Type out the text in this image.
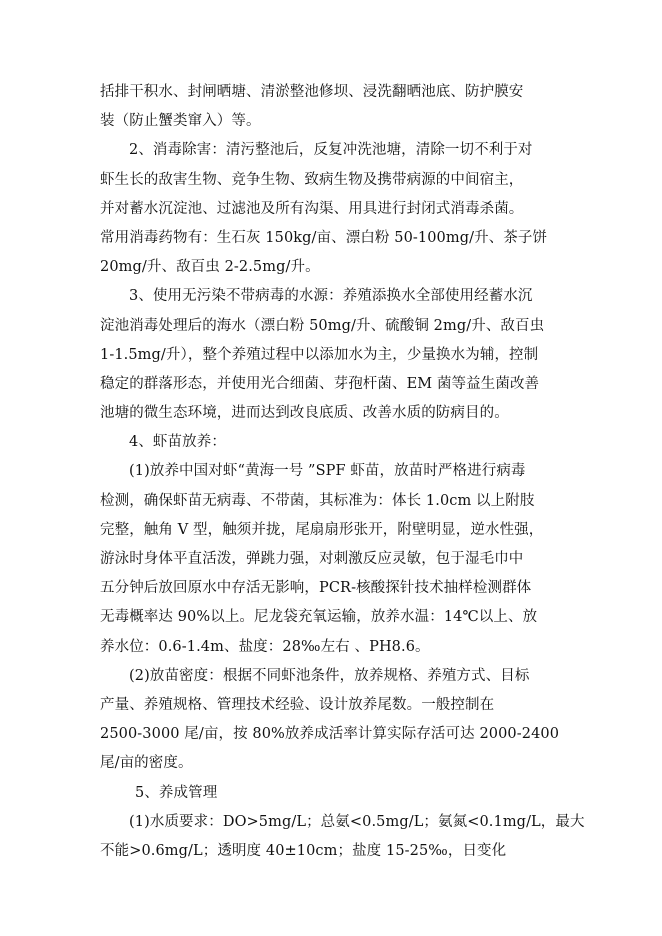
括排干积水、封闸晒塘、清淤整池修坝、浸洗翻晒池底、防护膜安
装（防止蟹类窜入）等。
2、消毒除害：清污整池后，反复冲洗池塘，清除一切不利于对
虾生长的敌害生物、竞争生物、致病生物及携带病源的中间宿主，
并对蓄水沉淀池、过滤池及所有沟渠、用具进行封闭式消毒杀菌。
常用消毒药物有：生石灰 150kg/亩、漂白粉 50-100mg/升、茶子饼
20mg/升、敌百虫 2-2.5mg/升。
3、使用无污染不带病毒的水源：养殖添换水全部使用经蓄水沉
淀池消毒处理后的海水（漂白粉 50mg/升、硫酸铜 2mg/升、敌百虫
1-1.5mg/升），整个养殖过程中以添加水为主，少量换水为辅，控制
稳定的群落形态，并使用光合细菌、芽孢杆菌、EM 菌等益生菌改善
池塘的微生态环境，进而达到改良底质、改善水质的防病目的。
4、虾苗放养：
(1)放养中国对虾“黄海一号 ”SPF 虾苗，放苗时严格进行病毒
检测，确保虾苗无病毒、不带菌，其标准为：体长 1.0cm 以上附肢
完整，触角 V 型，触须并拢，尾扇扇形张开，附壁明显，逆水性强，
游泳时身体平直活泼，弹跳力强，对刺激反应灵敏，包于湿毛巾中
五分钟后放回原水中存活无影响，PCR-核酸探针技术抽样检测群体
无毒概率达 90%以上。尼龙袋充氧运输，放养水温：14℃以上、放
养水位：0.6-1.4m、盐度：28‰左右 、PH8.6。
(2)放苗密度：根据不同虾池条件，放养规格、养殖方式、目标
产量、养殖规格、管理技术经验、设计放养尾数。一般控制在
2500-3000 尾/亩，按 80%放养成活率计算实际存活可达 2000-2400
尾/亩的密度。
5、养成管理
(1)水质要求：DO>5mg/L；总氨<0.5mg/L；氨氮<0.1mg/L，最大
不能>0.6mg/L；透明度 40±10cm；盐度 15-25‰，日变化
